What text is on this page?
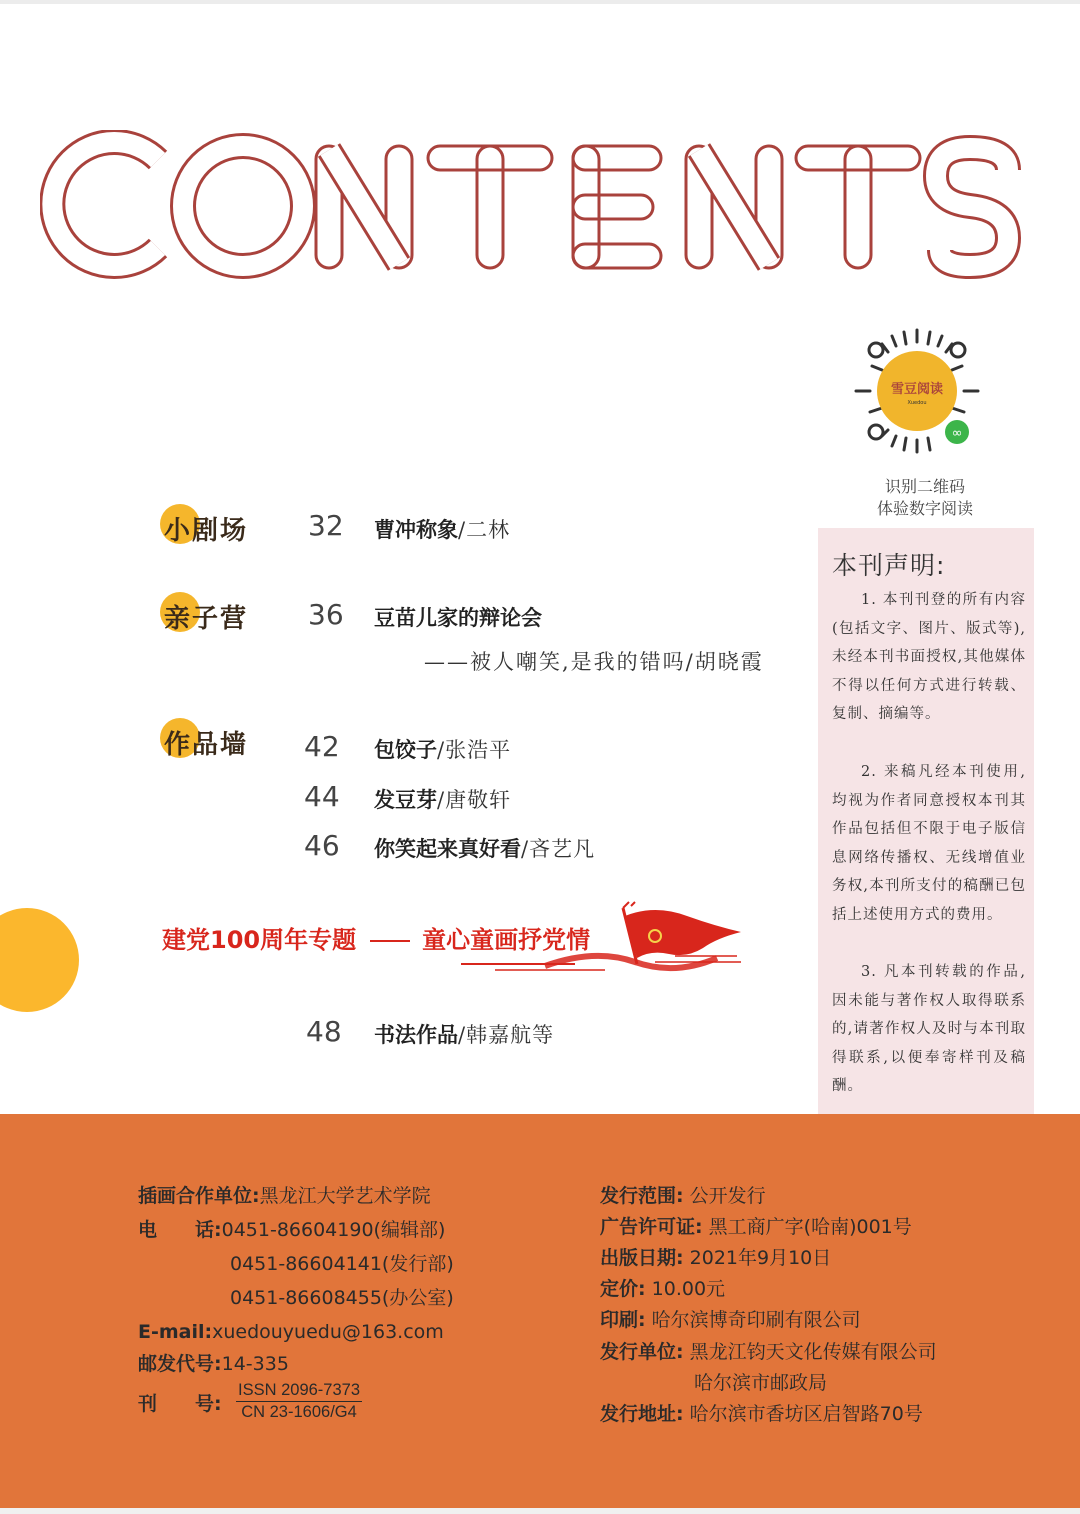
雪豆阅读
Xuedou
∞
识别二维码
体验数字阅读
小剧场 32 曹冲称象/二林
亲子营 36 豆苗儿家的辩论会
——被人嘲笑,是我的错吗/胡晓霞
作品墙 42 包饺子/张浩平
44 发豆芽/唐敬轩
46 你笑起来真好看/吝艺凡
建党100周年专题	童心童画抒党情
48 书法作品/韩嘉航等
本刊声明:

1. 本刊刊登的所有内容(包括文字、图片、版式等),未经本刊书面授权,其他媒体不得以任何方式进行转载、复制、摘编等。

2. 来稿凡经本刊使用,均视为作者同意授权本刊其作品包括但不限于电子版信息网络传播权、无线增值业务权,本刊所支付的稿酬已包括上述使用方式的费用。

3. 凡本刊转载的作品,因未能与著作权人取得联系的,请著作权人及时与本刊取得联系,以便奉寄样刊及稿酬。

插画合作单位:黑龙江大学艺术学院
电　　话:0451-86604190(编辑部)
0451-86604141(发行部)
0451-86608455(办公室)
E-mail:xuedouyuedu@163.com
邮发代号:14-335
刊　　号:
ISSN 2096-7373
CN 23-1606/G4
发行范围: 公开发行
广告许可证: 黑工商广字(哈南)001号
出版日期: 2021年9月10日
定价: 10.00元
印刷: 哈尔滨博奇印刷有限公司
发行单位: 黑龙江钧天文化传媒有限公司
哈尔滨市邮政局
发行地址: 哈尔滨市香坊区启智路70号
